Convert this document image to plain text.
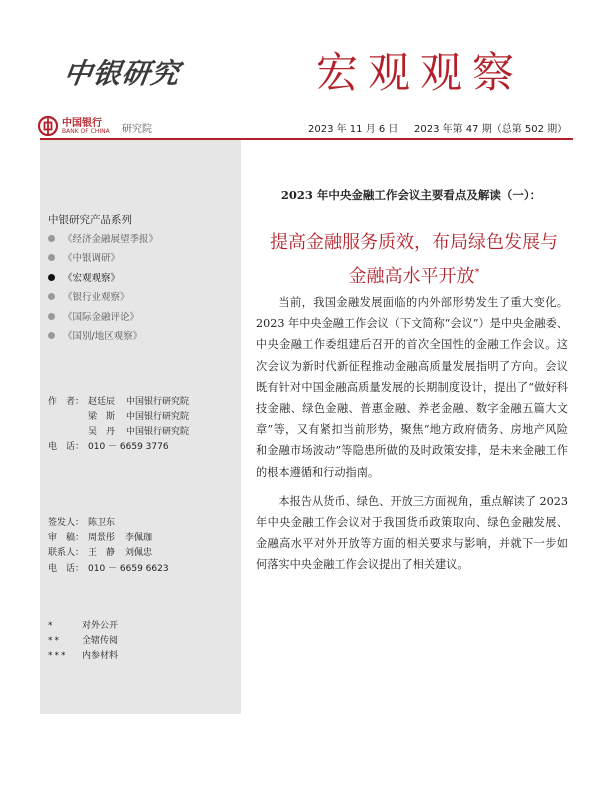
中银研究	宏观观察
中国银行
BANK OF CHINA 研究院	2023 年 11 月 6 日 2023 年第 47 期（总第 502 期）
中银研究产品系列
《经济金融展望季报》
《中银调研》
《宏观观察》
《银行业观察》
《国际金融评论》
《国别/地区观察》
作　者： 赵廷辰 中国银行研究院
梁　斯 中国银行研究院
吴　丹 中国银行研究院
电　话： 010 － 6659 3776
签发人： 陈卫东
审　稿： 周景彤 李佩珈
联系人： 王　静 刘佩忠
电　话： 010 － 6659 6623
*	对外公开
** 全辖传阅
*** 内参材料
2023 年中央金融工作会议主要看点及解读（一）：
提高金融服务质效，布局绿色发展与
金融高水平开放*

当前，我国金融发展面临的内外部形势发生了重大变化。2023 年中央金融工作会议（下文简称“会议”）是中央金融委、中央金融工作委组建后召开的首次全国性的金融工作会议。这次会议为新时代新征程推动金融高质量发展指明了方向。会议既有针对中国金融高质量发展的长期制度设计，提出了“做好科技金融、绿色金融、普惠金融、养老金融、数字金融五篇大文章”等，又有紧扣当前形势，聚焦“地方政府债务、房地产风险和金融市场波动”等隐患所做的及时政策安排，是未来金融工作的根本遵循和行动指南。

本报告从货币、绿色、开放三方面视角，重点解读了 2023 年中央金融工作会议对于我国货币政策取向、绿色金融发展、金融高水平对外开放等方面的相关要求与影响，并就下一步如何落实中央金融工作会议提出了相关建议。
